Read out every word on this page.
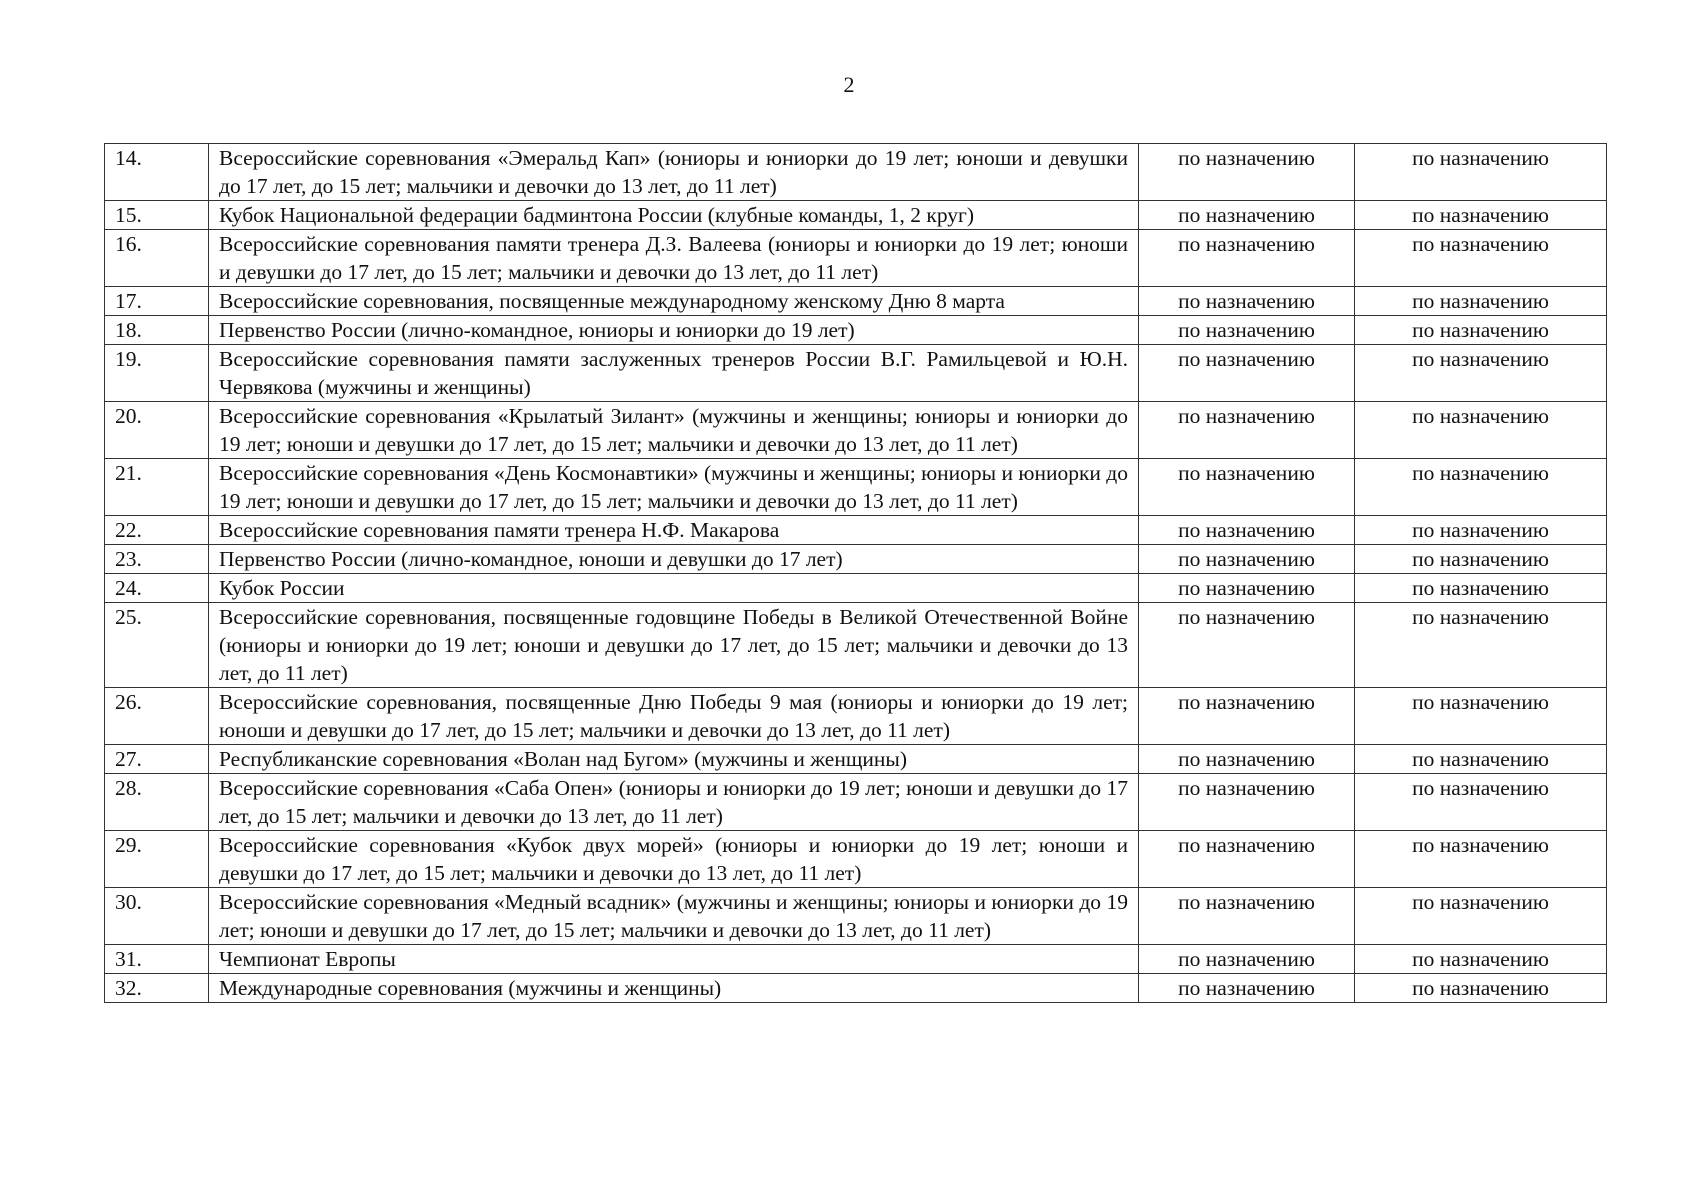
2
14.	Всероссийские соревнования «Эмеральд Кап» (юниоры и юниорки до 19 лет; юноши и девушки до 17 лет, до 15 лет; мальчики и девочки до 13 лет, до 11 лет)	по назначению	по назначению
15.	Кубок Национальной федерации бадминтона России (клубные команды, 1, 2 круг)	по назначению	по назначению
16.	Всероссийские соревнования памяти тренера Д.З. Валеева (юниоры и юниорки до 19 лет; юноши и девушки до 17 лет, до 15 лет; мальчики и девочки до 13 лет, до 11 лет)	по назначению	по назначению
17.	Всероссийские соревнования, посвященные международному женскому Дню 8 марта	по назначению	по назначению
18.	Первенство России (лично-командное, юниоры и юниорки до 19 лет)	по назначению	по назначению
19.	Всероссийские соревнования памяти заслуженных тренеров России В.Г. Рамильцевой и Ю.Н. Червякова (мужчины и женщины)	по назначению	по назначению
20.	Всероссийские соревнования «Крылатый Зилант» (мужчины и женщины; юниоры и юниорки до 19 лет; юноши и девушки до 17 лет, до 15 лет; мальчики и девочки до 13 лет, до 11 лет)	по назначению	по назначению
21.	Всероссийские соревнования «День Космонавтики» (мужчины и женщины; юниоры и юниорки до 19 лет; юноши и девушки до 17 лет, до 15 лет; мальчики и девочки до 13 лет, до 11 лет)	по назначению	по назначению
22.	Всероссийские соревнования памяти тренера Н.Ф. Макарова	по назначению	по назначению
23.	Первенство России (лично-командное, юноши и девушки до 17 лет)	по назначению	по назначению
24.	Кубок России	по назначению	по назначению
25.	Всероссийские соревнования, посвященные годовщине Победы в Великой Отечественной Войне (юниоры и юниорки до 19 лет; юноши и девушки до 17 лет, до 15 лет; мальчики и девочки до 13 лет, до 11 лет)	по назначению	по назначению
26.	Всероссийские соревнования, посвященные Дню Победы 9 мая (юниоры и юниорки до 19 лет; юноши и девушки до 17 лет, до 15 лет; мальчики и девочки до 13 лет, до 11 лет)	по назначению	по назначению
27.	Республиканские соревнования «Волан над Бугом» (мужчины и женщины)	по назначению	по назначению
28.	Всероссийские соревнования «Саба Опен» (юниоры и юниорки до 19 лет; юноши и девушки до 17 лет, до 15 лет; мальчики и девочки до 13 лет, до 11 лет)	по назначению	по назначению
29.	Всероссийские соревнования «Кубок двух морей» (юниоры и юниорки до 19 лет; юноши и девушки до 17 лет, до 15 лет; мальчики и девочки до 13 лет, до 11 лет)	по назначению	по назначению
30.	Всероссийские соревнования «Медный всадник» (мужчины и женщины; юниоры и юниорки до 19 лет; юноши и девушки до 17 лет, до 15 лет; мальчики и девочки до 13 лет, до 11 лет)	по назначению	по назначению
31.	Чемпионат Европы	по назначению	по назначению
32.	Международные соревнования (мужчины и женщины)	по назначению	по назначению
